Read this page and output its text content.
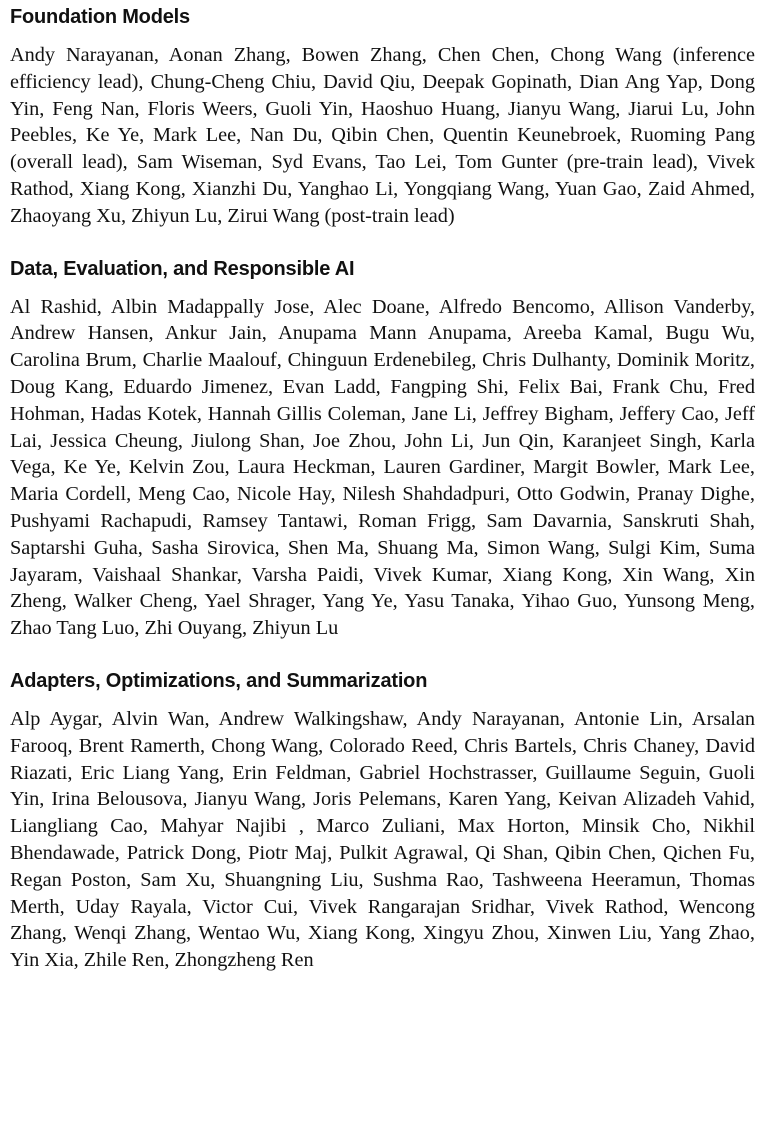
Foundation Models

Andy Narayanan, Aonan Zhang, Bowen Zhang, Chen Chen, Chong Wang (inference efficiency lead), Chung-Cheng Chiu, David Qiu, Deepak Gopinath, Dian Ang Yap, Dong Yin, Feng Nan, Floris Weers, Guoli Yin, Haoshuo Huang, Jianyu Wang, Jiarui Lu, John Peebles, Ke Ye, Mark Lee, Nan Du, Qibin Chen, Quentin Keunebroek, Ruoming Pang (overall lead), Sam Wiseman, Syd Evans, Tao Lei, Tom Gunter (pre-train lead), Vivek Rathod, Xiang Kong, Xianzhi Du, Yanghao Li, Yongqiang Wang, Yuan Gao, Zaid Ahmed, Zhaoyang Xu, Zhiyun Lu, Zirui Wang (post-train lead)

Data, Evaluation, and Responsible AI

Al Rashid, Albin Madappally Jose, Alec Doane, Alfredo Bencomo, Allison Vanderby, Andrew Hansen, Ankur Jain, Anupama Mann Anupama, Areeba Kamal, Bugu Wu, Carolina Brum, Charlie Maalouf, Chinguun Erdenebileg, Chris Dulhanty, Dominik Moritz, Doug Kang, Eduardo Jimenez, Evan Ladd, Fangping Shi, Felix Bai, Frank Chu, Fred Hohman, Hadas Kotek, Hannah Gillis Coleman, Jane Li, Jeffrey Bigham, Jeffery Cao, Jeff Lai, Jessica Cheung, Jiulong Shan, Joe Zhou, John Li, Jun Qin, Karanjeet Singh, Karla Vega, Ke Ye, Kelvin Zou, Laura Heckman, Lauren Gardiner, Margit Bowler, Mark Lee, Maria Cordell, Meng Cao, Nicole Hay, Nilesh Shahdadpuri, Otto Godwin, Pranay Dighe, Pushyami Rachapudi, Ramsey Tantawi, Roman Frigg, Sam Davarnia, Sanskruti Shah, Saptarshi Guha, Sasha Sirovica, Shen Ma, Shuang Ma, Simon Wang, Sulgi Kim, Suma Jayaram, Vaishaal Shankar, Varsha Paidi, Vivek Kumar, Xiang Kong, Xin Wang, Xin Zheng, Walker Cheng, Yael Shrager, Yang Ye, Yasu Tanaka, Yihao Guo, Yunsong Meng, Zhao Tang Luo, Zhi Ouyang, Zhiyun Lu

Adapters, Optimizations, and Summarization

Alp Aygar, Alvin Wan, Andrew Walkingshaw, Andy Narayanan, Antonie Lin, Arsalan Farooq, Brent Ramerth, Chong Wang, Colorado Reed, Chris Bartels, Chris Chaney, David Riazati, Eric Liang Yang, Erin Feldman, Gabriel Hochstrasser, Guillaume Seguin, Guoli Yin, Irina Belousova, Jianyu Wang, Joris Pelemans, Karen Yang, Keivan Alizadeh Vahid, Liangliang Cao, Mahyar Najibi , Marco Zuliani, Max Horton, Minsik Cho, Nikhil Bhendawade, Patrick Dong, Piotr Maj, Pulkit Agrawal, Qi Shan, Qibin Chen, Qichen Fu, Regan Poston, Sam Xu, Shuangning Liu, Sushma Rao, Tashweena Heeramun, Thomas Merth, Uday Rayala, Victor Cui, Vivek Rangarajan Sridhar, Vivek Rathod, Wencong Zhang, Wenqi Zhang, Wentao Wu, Xiang Kong, Xingyu Zhou, Xinwen Liu, Yang Zhao, Yin Xia, Zhile Ren, Zhongzheng Ren
